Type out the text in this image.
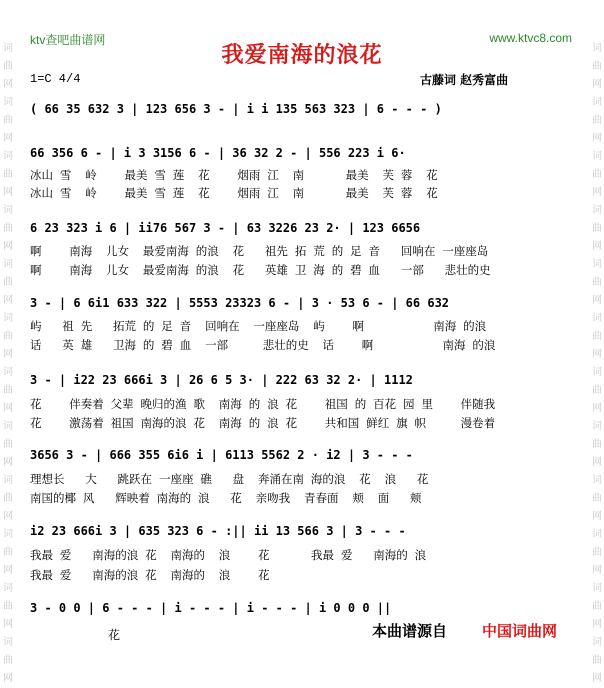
词 曲 网 词 曲 网 词 曲 网 词 曲 网 词 曲 网 词 曲 网 词 曲 网 词 曲 网 词 曲 网 词 曲 网 词 曲 网 词 曲 网
词 曲 网 词 曲 网 词 曲 网 词 曲 网 词 曲 网 词 曲 网 词 曲 网 词 曲 网 词 曲 网 词 曲 网 词 曲 网 词 曲 网
ktv查吧曲谱网	www.ktvc8.com
我爱南海的浪花
1=C 4/4	古藤词 赵秀富曲
( 66 35 632 3 | 123 656 3 - | i i 135 563 323 | 6 - - - )
66 356 6 - | i 3 3156 6 - | 36 32 2 - | 556 223 i 6·
冰山 雪  岭    最美 雪 莲  花    烟雨 江  南      最美  芙 蓉  花
冰山 雪  岭    最美 雪 莲  花    烟雨 江  南      最美  芙 蓉  花
6 23 323 i 6 | ii76 567 3 - | 63 3226 23 2· | 123 6656
啊    南海  儿女  最爱南海 的浪  花   祖先 拓 荒 的 足 音   回响在 一座座岛
啊    南海  儿女  最爱南海 的浪  花   英雄 卫 海 的 碧 血   一部   悲壮的史
3 - | 6 6i1 633 322 | 5553 23323 6 - | 3 · 53 6 - | 66 632
屿   祖 先   拓荒 的 足 音  回响在  一座座岛  屿    啊          南海 的浪
话   英 雄   卫海 的 碧 血  一部     悲壮的史  话    啊          南海 的浪
3 - | i22 23 666i 3 | 26 6 5 3· | 222 63 32 2· | 1112
花    伴奏着 父辈 晚归的渔 歌  南海 的 浪 花    祖国 的 百花 园 里    伴随我
花    激荡着 祖国 南海的浪 花  南海 的 浪 花    共和国 鲜红 旗 帜     漫卷着
3656 3 - | 666 355 6i6 i | 6113 5562 2 · i2 | 3 - - -
理想长   大   跳跃在 一座座 礁   盘  奔涌在南 海的浪  花  浪   花
南国的椰 风   辉映着 南海的 浪   花  亲吻我  青春面  颊  面   颊
i2 23 666i 3 | 635 323 6 - :|| ii 13 566 3 | 3 - - -
我最 爱   南海的浪 花  南海的  浪    花      我最 爱   南海的 浪
我最 爱   南海的浪 花  南海的  浪    花
3 - 0 0 | 6 - - - | i - - - | i - - - | i 0 0 0 ||
花	本曲谱源自 中国词曲网
